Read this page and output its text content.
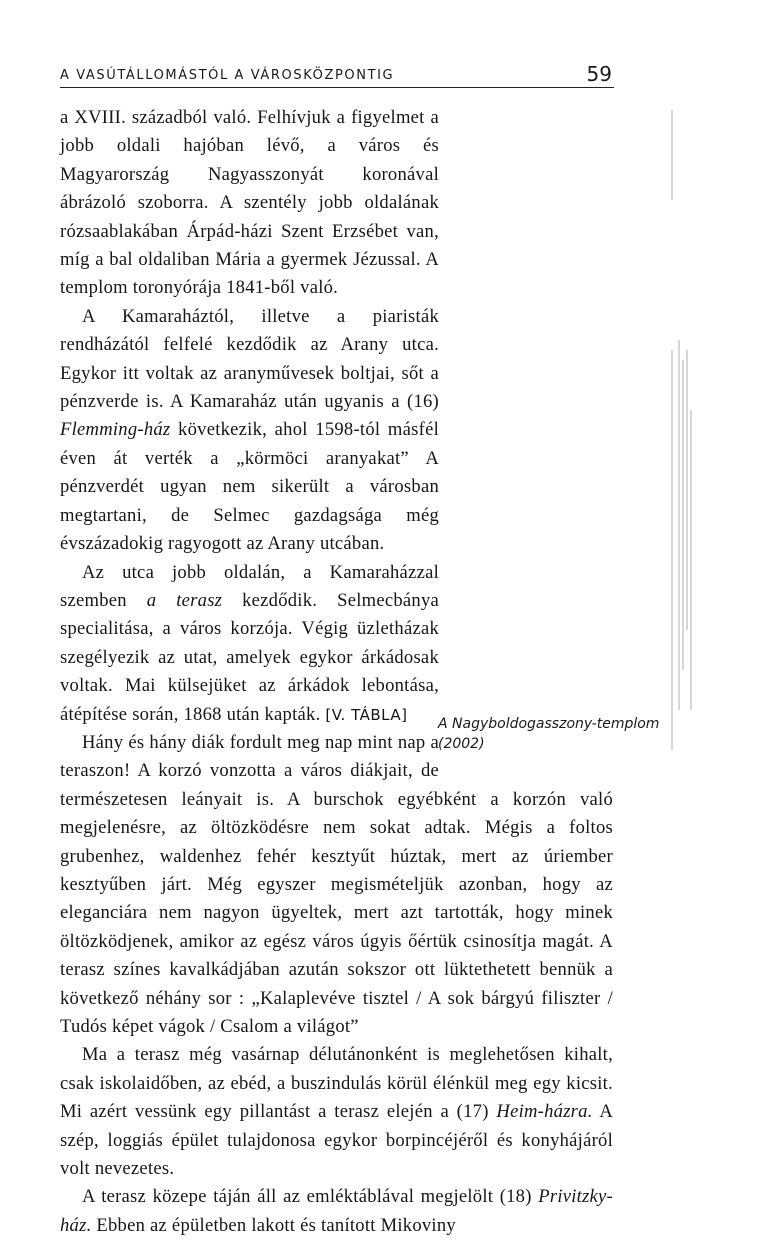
A VASÚTÁLLOMÁSTÓL A VÁROSKÖZPONTIG	59

a XVIII. századból való. Felhívjuk a figyelmet a jobb oldali hajóban lévő, a város és Magyarország Nagyasszonyát koronával ábrázoló szoborra. A szentély jobb oldalának rózsaablakában Árpád-házi Szent Erzsébet van, míg a bal oldaliban Mária a gyermek Jézussal. A templom toronyórája 1841-ből való.

A Kamaraháztól, illetve a piaristák rendházától felfelé kezdődik az Arany utca. Egykor itt voltak az aranyművesek boltjai, sőt a pénzverde is. A Kamaraház után ugyanis a (16) Flemming-ház következik, ahol 1598-tól másfél éven át verték a „körmöci aranyakat” A pénzverdét ugyan nem sikerült a városban megtartani, de Selmec gazdagsága még évszázadokig ragyogott az Arany utcában.

Az utca jobb oldalán, a Kamaraházzal szemben a terasz kezdődik. Selmecbánya specialitása, a város korzója. Végig üzletházak szegélyezik az utat, amelyek egykor árkádosak voltak. Mai külsejüket az árkádok lebontása, átépítése során, 1868 után kapták. [V. TÁBLA]

Hány és hány diák fordult meg nap mint nap a teraszon! A korzó vonzotta a város diákjait, de természetesen leányait is. A burschok egyébként a korzón való megjelenésre, az öltözködésre nem sokat adtak. Mégis a foltos grubenhez, waldenhez fehér kesztyűt húztak, mert az úriember kesztyűben járt. Még egyszer megismételjük azonban, hogy az eleganciára nem nagyon ügyeltek, mert azt tartották, hogy minek öltözködjenek, amikor az egész város úgyis őértük csinosítja magát. A terasz színes kavalkádjában azután sokszor ott lüktethetett bennük a következő néhány sor : „Kalaplevéve tisztel / A sok bárgyú filiszter / Tudós képet vágok / Csalom a világot”

Ma a terasz még vasárnap délutánonként is meglehetősen kihalt, csak iskolaidőben, az ebéd, a buszindulás körül élénkül meg egy kicsit. Mi azért vessünk egy pillantást a terasz elején a (17) Heim-házra. A szép, loggiás épület tulajdonosa egykor borpincéjéről és konyhájáról volt nevezetes.

A terasz közepe táján áll az emléktáblával megjelölt (18) Privitzky-ház. Ebben az épületben lakott és tanított Mikoviny

A Nagyboldogasszony-templom
(2002)
